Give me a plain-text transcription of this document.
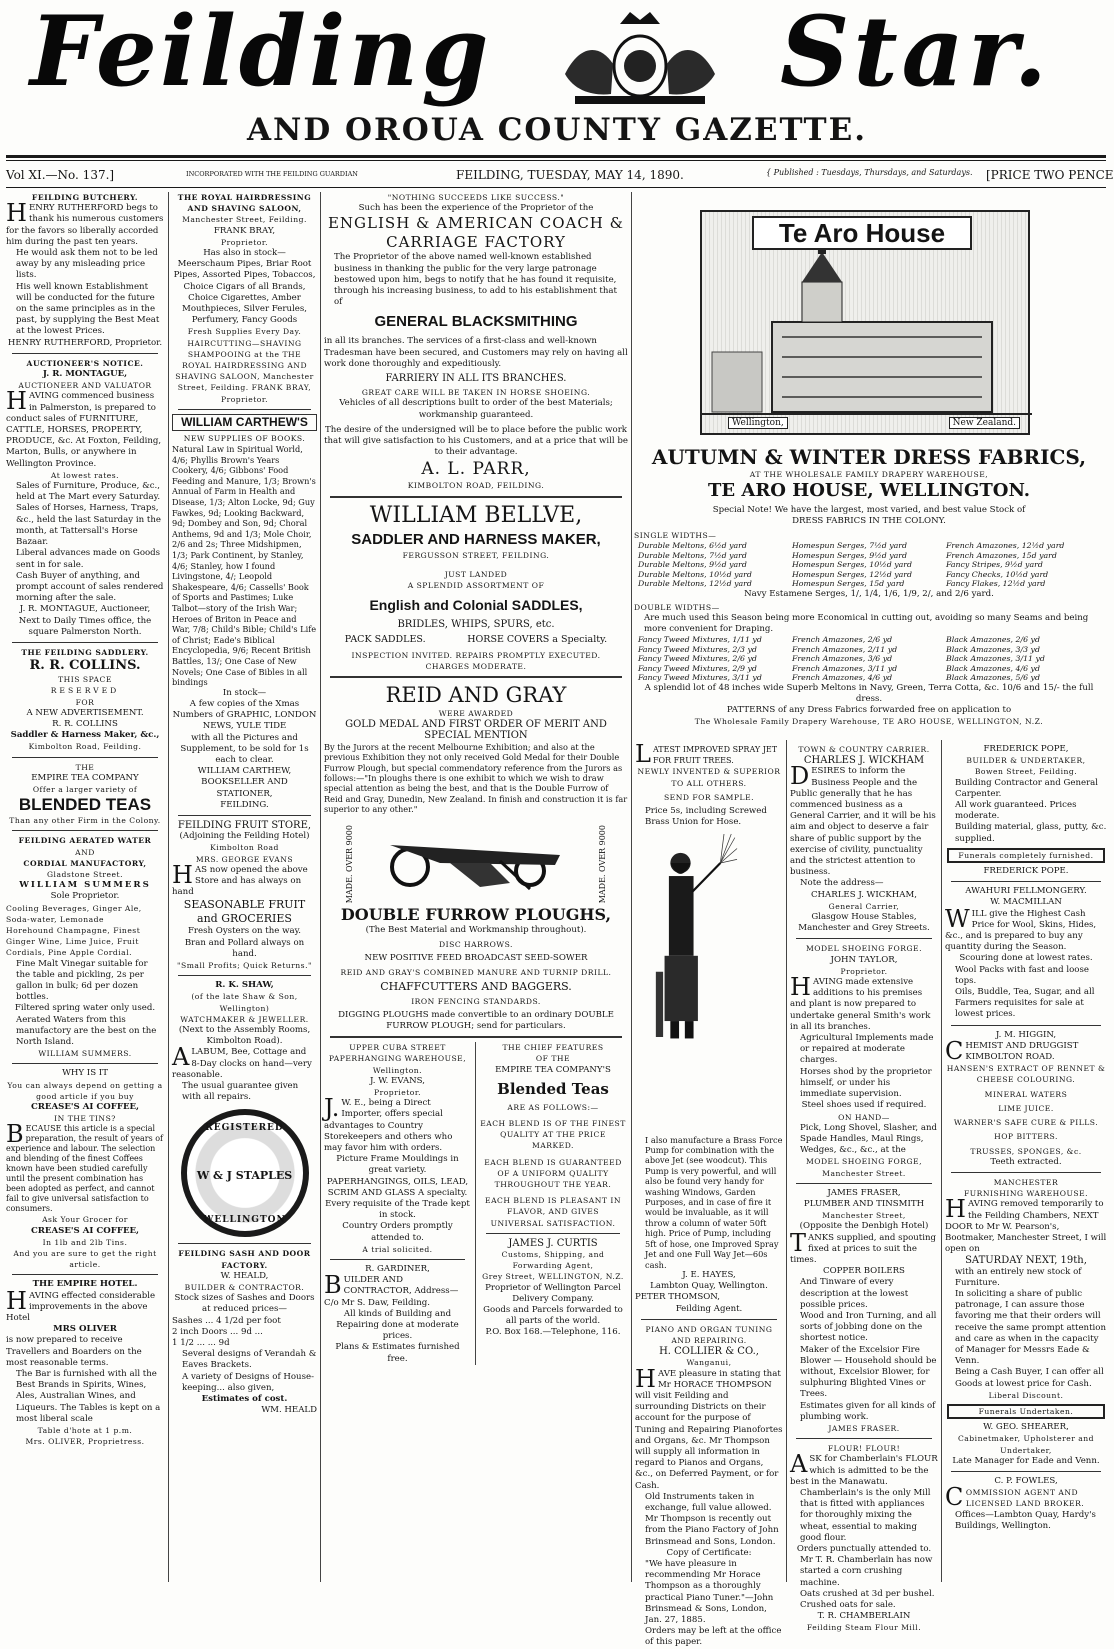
Feilding	Star.
AND OROUA COUNTY GAZETTE.
Vol XI.—No. 137.]	INCORPORATED WITH THE FEILDING GUARDIAN	FEILDING, TUESDAY, MAY 14, 1890.	{ Published : Tuesdays, Thursdays, and Saturdays. [PRICE TWO PENCE
FEILDING BUTCHERY.
HENRY RUTHERFORD begs to thank his numerous customers for the favors so liberally accorded him during the past ten years.
He would ask them not to be led away by any misleading price lists.
His well known Establishment will be conducted for the future on the same principles as in the past, by supplying the Best Meat at the lowest Prices.
HENRY RUTHERFORD, Proprietor.
AUCTIONEER'S NOTICE.
J. R. MONTAGUE,
AUCTIONEER AND VALUATOR
HAVING commenced business in Palmerston, is prepared to conduct sales of FURNITURE, CATTLE, HORSES, PROPERTY, PRODUCE, &c. At Foxton, Feilding, Marton, Bulls, or anywhere in Wellington Province.
At lowest rates.
Sales of Furniture, Produce, &c., held at The Mart every Saturday.
Sales of Horses, Harness, Traps, &c., held the last Saturday in the month, at Tattersall's Horse Bazaar.
Liberal advances made on Goods sent in for sale.
Cash Buyer of anything, and prompt account of sales rendered morning after the sale.
J. R. MONTAGUE, Auctioneer,
Next to Daily Times office, the square Palmerston North.
THE FEILDING SADDLERY.
R. R. COLLINS.
THIS SPACE
RESERVED
FOR
A NEW ADVERTISEMENT.
R. R. COLLINS
Saddler & Harness Maker, &c.,
Kimbolton Road, Feilding.
THE
EMPIRE TEA COMPANY
Offer a larger variety of
BLENDED TEAS
Than any other Firm in the Colony.
FEILDING AERATED WATER
AND
CORDIAL MANUFACTORY,
Gladstone Street.
WILLIAM SUMMERS
Sole Proprietor.
Cooling Beverages, Ginger Ale, Soda-water, Lemonade
Horehound Champagne, Finest Ginger Wine, Lime Juice, Fruit Cordials, Pine Apple Cordial.
Fine Malt Vinegar suitable for the table and pickling, 2s per gallon in bulk; 6d per dozen bottles.
Filtered spring water only used.
Aerated Waters from this manufactory are the best on the North Island.
WILLIAM SUMMERS.
WHY IS IT
You can always depend on getting a good article if you buy
CREASE'S AI COFFEE,
IN THE TINS?
BECAUSE this article is a special preparation, the result of years of experience and labour. The selection and blending of the finest Coffees known have been studied carefully until the present combination has been adopted as perfect, and cannot fail to give universal satisfaction to consumers.
Ask Your Grocer for
CREASE'S AI COFFEE,
In 1lb and 2lb Tins.
And you are sure to get the right article.
THE EMPIRE HOTEL.
HAVING effected considerable improvements in the above Hotel
MRS OLIVER
is now prepared to receive Travellers and Boarders on the most reasonable terms.
The Bar is furnished with all the Best Brands in Spirits, Wines, Ales, Australian Wines, and Liqueurs. The Tables is kept on a most liberal scale
Table d'hote at 1 p.m.
Mrs. OLIVER, Proprietress.
THE ROYAL HAIRDRESSING AND SHAVING SALOON,
Manchester Street, Feilding.
FRANK BRAY,
Proprietor.
Has also in stock—
Meerschaum Pipes, Briar Root Pipes, Assorted Pipes, Tobaccos, Choice Cigars of all Brands, Choice Cigarettes, Amber Mouthpieces, Silver Ferules, Perfumery, Fancy Goods
Fresh Supplies Every Day.
HAIRCUTTING—SHAVING SHAMPOOING at the THE ROYAL HAIRDRESSING AND SHAVING SALOON, Manchester Street, Feilding. FRANK BRAY, Proprietor.
WILLIAM CARTHEW'S
NEW SUPPLIES OF BOOKS.
Natural Law in Spiritual World, 4/6; Phyllis Brown's Years Cookery, 4/6; Gibbons' Food Feeding and Manure, 1/3; Brown's Annual of Farm in Health and Disease, 1/3; Alton Locke, 9d; Guy Fawkes, 9d; Looking Backward, 9d; Dombey and Son, 9d; Choral Anthems, 9d and 1/3; Mole Choir, 2/6 and 2s; Three Midshipmen, 1/3; Park Continent, by Stanley, 4/6; Stanley, how I found Livingstone, 4/; Leopold Shakespeare, 4/6; Cassells' Book of Sports and Pastimes; Luke Talbot—story of the Irish War; Heroes of Briton in Peace and War, 7/8; Child's Bible; Child's Life of Christ; Eade's Biblical Encyclopedia, 9/6; Recent British Battles, 13/; One Case of New Novels; One Case of Bibles in all bindings
In stock—
A few copies of the Xmas Numbers of GRAPHIC, LONDON NEWS, YULE TIDE
with all the Pictures and Supplement, to be sold for 1s each to clear.
WILLIAM CARTHEW,
BOOKSELLER AND STATIONER,
FEILDING.
FEILDING FRUIT STORE,
(Adjoining the Feilding Hotel)
Kimbolton Road
MRS. GEORGE EVANS
HAS now opened the above Store and has always on hand
SEASONABLE FRUIT and GROCERIES
Fresh Oysters on the way.
Bran and Pollard always on hand.
"Small Profits; Quick Returns."
R. K. SHAW,
(of the late Shaw & Son, Wellington)
WATCHMAKER & JEWELLER.
(Next to the Assembly Rooms, Kimbolton Road).
ALABUM, Bee, Cottage and 8-Day clocks on hand—very reasonable.
The usual guarantee given with all repairs.
REGISTERED
W & J STAPLES
WELLINGTON
FEILDING SASH AND DOOR FACTORY.
W. HEALD,
BUILDER & CONTRACTOR.
Stock sizes of Sashes and Doors at reduced prices—
Sashes ... 4 1/2d per foot
2 inch Doors ... 9d ...
1 1/2 ... ... 9d
Several designs of Verandah & Eaves Brackets.
A variety of Designs of House-keeping... also given,
Estimates of cost.
WM. HEALD
"NOTHING SUCCEEDS LIKE SUCCESS."
Such has been the experience of the Proprietor of the
ENGLISH & AMERICAN COACH & CARRIAGE FACTORY
The Proprietor of the above named well-known established business in thanking the public for the very large patronage bestowed upon him, begs to notify that he has found it requisite, through his increasing business, to add to his establishment that of
GENERAL BLACKSMITHING
in all its branches. The services of a first-class and well-known Tradesman have been secured, and Customers may rely on having all work done thoroughly and expeditiously.
FARRIERY IN ALL ITS BRANCHES.
GREAT CARE WILL BE TAKEN IN HORSE SHOEING.
Vehicles of all descriptions built to order of the best Materials; workmanship guaranteed.
The desire of the undersigned will be to place before the public work that will give satisfaction to his Customers, and at a price that will be to their advantage.
A. L. PARR,
KIMBOLTON ROAD, FEILDING.
WILLIAM BELLVE,
SADDLER AND HARNESS MAKER,
FERGUSSON STREET, FEILDING.
JUST LANDED
A SPLENDID ASSORTMENT OF
English and Colonial SADDLES,
BRIDLES, WHIPS, SPURS, etc.
PACK SADDLES.	HORSE COVERS a Specialty.
INSPECTION INVITED. REPAIRS PROMPTLY EXECUTED.
CHARGES MODERATE.
REID AND GRAY
WERE AWARDED
GOLD MEDAL AND FIRST ORDER OF MERIT AND SPECIAL MENTION
By the Jurors at the recent Melbourne Exhibition; and also at the previous Exhibition they not only received Gold Medal for their Double Furrow Plough, but special commendatory reference from the Jurors as follows:—"In ploughs there is one exhibit to which we wish to draw special attention as being the best, and that is the Double Furrow of Reid and Gray, Dunedin, New Zealand. In finish and construction it is far superior to any other."
MADE. OVER 9000	MADE. OVER 9000
DOUBLE FURROW PLOUGHS,
(The Best Material and Workmanship throughout).
DISC HARROWS.
NEW POSITIVE FEED BROADCAST SEED-SOWER
REID AND GRAY'S COMBINED MANURE AND TURNIP DRILL.
CHAFFCUTTERS AND BAGGERS.
IRON FENCING STANDARDS.
DIGGING PLOUGHS made convertible to an ordinary DOUBLE FURROW PLOUGH; send for particulars.
UPPER CUBA STREET PAPERHANGING WAREHOUSE,
Wellington.
J. W. EVANS,
Proprietor.
J.W. E., being a Direct Importer, offers special advantages to Country Storekeepers and others who may favor him with orders.
Picture Frame Mouldings in great variety.
PAPERHANGINGS, OILS, LEAD, SCRIM AND GLASS A specialty.
Every requisite of the Trade kept in stock.
Country Orders promptly attended to.
A trial solicited.
R. GARDINER,
BUILDER AND CONTRACTOR, Address—C/o Mr S. Daw, Feilding.
All kinds of Building and Repairing done at moderate prices.
Plans & Estimates furnished free.
THE CHIEF FEATURES
OF THE
EMPIRE TEA COMPANY'S
Blended Teas
ARE AS FOLLOWS:—
EACH BLEND IS OF THE FINEST QUALITY AT THE PRICE MARKED.
EACH BLEND IS GUARANTEED OF A UNIFORM QUALITY THROUGHOUT THE YEAR.
EACH BLEND IS PLEASANT IN FLAVOR, AND GIVES UNIVERSAL SATISFACTION.
JAMES J. CURTIS
Customs, Shipping, and Forwarding Agent,
Grey Street, WELLINGTON, N.Z.
Proprietor of Wellington Parcel Delivery Company.
Goods and Parcels forwarded to all parts of the world.
P.O. Box 168.—Telephone, 116.
Te Aro House
Wellington,	New Zealand.
AUTUMN & WINTER DRESS FABRICS,
AT THE WHOLESALE FAMILY DRAPERY WAREHOUSE,
TE ARO HOUSE, WELLINGTON.
Special Note! We have the largest, most varied, and best value Stock of
DRESS FABRICS IN THE COLONY.
SINGLE WIDTHS—
Durable Meltons, 6½d yard	Homespun Serges, 7½d yard	French Amazones, 12½d yard
Durable Meltons, 7½d yard	Homespun Serges, 9½d yard	French Amazones, 15d yard
Durable Meltons, 9½d yard	Homespun Serges, 10½d yard	Fancy Stripes, 9½d yard
Durable Meltons, 10½d yard	Homespun Serges, 12½d yard	Fancy Checks, 10½d yard
Durable Meltons, 12½d yard	Homespun Serges, 15d yard	Fancy Flakes, 12½d yard
Navy Estamene Serges, 1/, 1/4, 1/6, 1/9, 2/, and 2/6 yard.
DOUBLE WIDTHS—
Are much used this Season being more Economical in cutting out, avoiding so many Seams and being more convenient for Draping.
Fancy Tweed Mixtures, 1/11 yd	French Amazones, 2/6 yd	Black Amazones, 2/6 yd
Fancy Tweed Mixtures, 2/3 yd	French Amazones, 2/11 yd	Black Amazones, 3/3 yd
Fancy Tweed Mixtures, 2/6 yd	French Amazones, 3/6 yd	Black Amazones, 3/11 yd
Fancy Tweed Mixtures, 2/9 yd	French Amazones, 3/11 yd	Black Amazones, 4/6 yd
Fancy Tweed Mixtures, 3/11 yd	French Amazones, 4/6 yd	Black Amazones, 5/6 yd
A splendid lot of 48 inches wide Superb Meltons in Navy, Green, Terra Cotta, &c. 10/6 and 15/- the full dress.
PATTERNS of any Dress Fabrics forwarded free on application to
The Wholesale Family Drapery Warehouse, TE ARO HOUSE, WELLINGTON, N.Z.
LATEST IMPROVED SPRAY JET FOR FRUIT TREES.
NEWLY INVENTED & SUPERIOR TO ALL OTHERS.
SEND FOR SAMPLE.
Price 5s, including Screwed Brass Union for Hose.
I also manufacture a Brass Force Pump for combination with the above Jet (see woodcut). This Pump is very powerful, and will also be found very handy for washing Windows, Garden Purposes, and in case of fire it would be invaluable, as it will throw a column of water 50ft high. Price of Pump, including 5ft of hose, one Improved Spray Jet and one Full Way Jet—60s cash.
J. E. HAYES,
Lambton Quay, Wellington.
PETER THOMSON,
Feilding Agent.
PIANO AND ORGAN TUNING AND REPAIRING.
H. COLLIER & CO.,
Wanganui,
HAVE pleasure in stating that Mr HORACE THOMPSON will visit Feilding and surrounding Districts on their account for the purpose of Tuning and Repairing Pianofortes and Organs, &c. Mr Thompson will supply all information in regard to Pianos and Organs, &c., on Deferred Payment, or for Cash.
Old Instruments taken in exchange, full value allowed.
Mr Thompson is recently out from the Piano Factory of John Brinsmead and Sons, London.
Copy of Certificate:
"We have pleasure in recommending Mr Horace Thompson as a thoroughly practical Piano Tuner."—John Brinsmead & Sons, London, Jan. 27, 1885.
Orders may be left at the office of this paper.
TOWN & COUNTRY CARRIER.
CHARLES J. WICKHAM
DESIRES to inform the Business People and the Public generally that he has commenced business as a General Carrier, and it will be his aim and object to deserve a fair share of public support by the exercise of civility, punctuality and the strictest attention to business.
Note the address—
CHARLES J. WICKHAM,
General Carrier,
Glasgow House Stables, Manchester and Grey Streets.
MODEL SHOEING FORGE.
JOHN TAYLOR,
Proprietor.
HAVING made extensive additions to his premises and plant is now prepared to undertake general Smith's work in all its branches.
Agricultural Implements made or repaired at moderate charges.
Horses shod by the proprietor himself, or under his immediate supervision.
Steel shoes used if required.
ON HAND—
Pick, Long Shovel, Slasher, and Spade Handles, Maul Rings, Wedges, &c., &c., at the
MODEL SHOEING FORGE,
Manchester Street.
JAMES FRASER,
PLUMBER AND TINSMITH
Manchester Street,
(Opposite the Denbigh Hotel)
TANKS supplied, and spouting fixed at prices to suit the times.
COPPER BOILERS
And Tinware of every description at the lowest possible prices.
Wood and Iron Turning, and all sorts of jobbing done on the shortest notice.
Maker of the Excelsior Fire Blower — Household should be without, Excelsior Blower, for sulphuring Blighted Vines or Trees.
Estimates given for all kinds of plumbing work.
JAMES FRASER.
FLOUR! FLOUR!
ASK for Chamberlain's FLOUR which is admitted to be the best in the Manawatu.
Chamberlain's is the only Mill that is fitted with appliances for thoroughly mixing the wheat, essential to making good flour.
Orders punctually attended to.
Mr T. R. Chamberlain has now started a corn crushing machine.
Oats crushed at 3d per bushel. Crushed oats for sale.
T. R. CHAMBERLAIN
Feilding Steam Flour Mill.
FREDERICK POPE,
BUILDER & UNDERTAKER,
Bowen Street, Feilding.
Building Contractor and General Carpenter.
All work guaranteed. Prices moderate.
Building material, glass, putty, &c. supplied.
Funerals completely furnished.
FREDERICK POPE.
AWAHURI FELLMONGERY.
W. MACMILLAN
WILL give the Highest Cash Price for Wool, Skins, Hides, &c., and is prepared to buy any quantity during the Season.
Scouring done at lowest rates.
Wool Packs with fast and loose tops.
Oils, Buddle, Tea, Sugar, and all Farmers requisites for sale at lowest prices.
J. M. HIGGIN,
CHEMIST AND DRUGGIST KIMBOLTON ROAD.
HANSEN'S EXTRACT OF RENNET & CHEESE COLOURING.
MINERAL WATERS
LIME JUICE.
WARNER'S SAFE CURE & PILLS.
HOP BITTERS.
TRUSSES, SPONGES, &c.
Teeth extracted.
MANCHESTER
FURNISHING WAREHOUSE.
HAVING removed temporarily to the Feilding Chambers, NEXT DOOR to Mr W. Pearson's, Bootmaker, Manchester Street, I will open on
SATURDAY NEXT, 19th,
with an entirely new stock of Furniture.
In soliciting a share of public patronage, I can assure those favoring me that their orders will receive the same prompt attention and care as when in the capacity of Manager for Messrs Eade & Venn.
Being a Cash Buyer, I can offer all Goods at lowest price for Cash.
Liberal Discount.
Funerals Undertaken.
W. GEO. SHEARER,
Cabinetmaker, Upholsterer and Undertaker,
Late Manager for Eade and Venn.
C. P. FOWLES,
COMMISSION AGENT AND LICENSED LAND BROKER.
Offices—Lambton Quay, Hardy's Buildings, Wellington.
